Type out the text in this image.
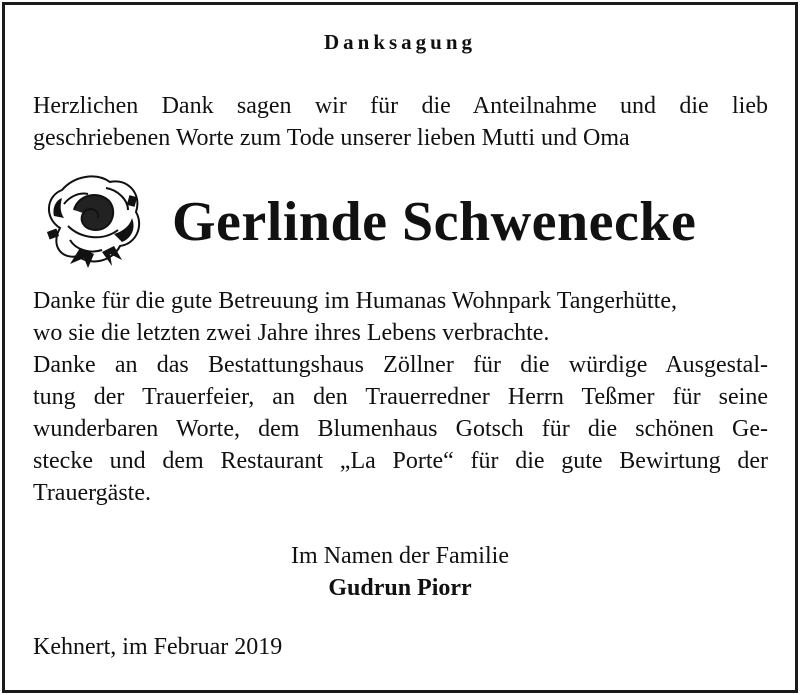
Danksagung
Herzlichen Dank sagen wir für die Anteilnahme und die lieb
geschriebenen Worte zum Tode unserer lieben Mutti und Oma
Gerlinde Schwenecke
Danke für die gute Betreuung im Humanas Wohnpark Tangerhütte,
wo sie die letzten zwei Jahre ihres Lebens verbrachte.
Danke an das Bestattungshaus Zöllner für die würdige Ausgestal-
tung der Trauerfeier, an den Trauerredner Herrn Teßmer für seine
wunderbaren Worte, dem Blumenhaus Gotsch für die schönen Ge-
stecke und dem Restaurant „La Porte“ für die gute Bewirtung der
Trauergäste.
Im Namen der Familie
Gudrun Piorr
Kehnert, im Februar 2019
